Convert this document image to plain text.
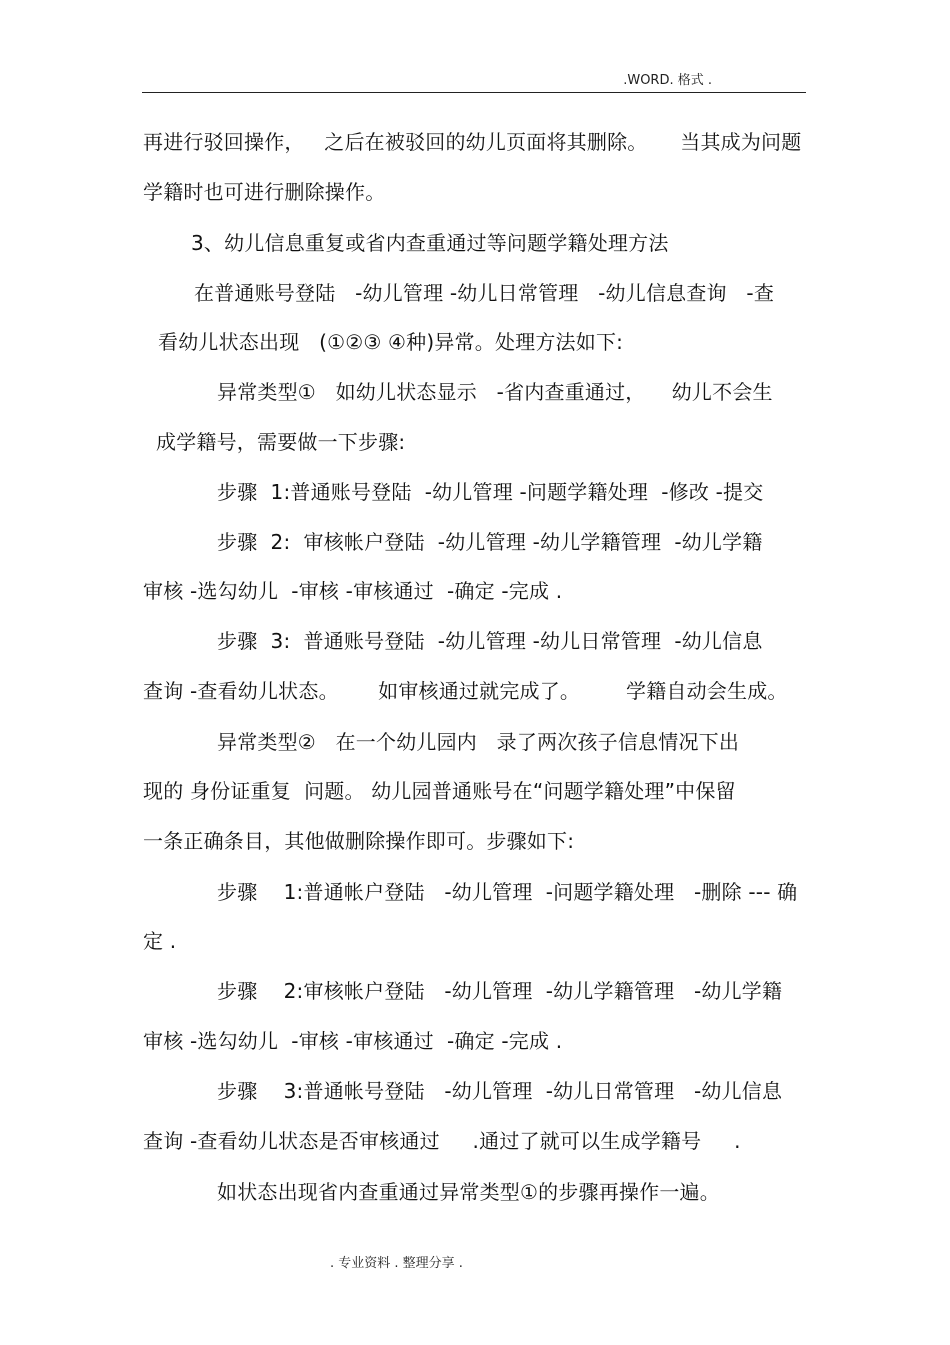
.WORD. 格式 .
再进行驳回操作，   之后在被驳回的幼儿页面将其删除。     当其成为问题
学籍时也可进行删除操作。
3、幼儿信息重复或省内查重通过等问题学籍处理方法
在普通账号登陆   -幼儿管理 -幼儿日常管理   -幼儿信息查询   -查
看幼儿状态出现   (①②③ ④种)异常。处理方法如下:
异常类型①   如幼儿状态显示   -省内查重通过，    幼儿不会生
成学籍号，需要做一下步骤:
步骤  1:普通账号登陆  -幼儿管理 -问题学籍处理  -修改 -提交
步骤  2:  审核帐户登陆  -幼儿管理 -幼儿学籍管理  -幼儿学籍
审核 -选勾幼儿  -审核 -审核通过  -确定 -完成 .
步骤  3:  普通账号登陆  -幼儿管理 -幼儿日常管理  -幼儿信息
查询 -查看幼儿状态。      如审核通过就完成了。       学籍自动会生成。
异常类型②   在一个幼儿园内   录了两次孩子信息情况下出
现的 身份证重复  问题。 幼儿园普通账号在“问题学籍处理”中保留
一条正确条目，其他做删除操作即可。步骤如下:
步骤    1:普通帐户登陆   -幼儿管理  -问题学籍处理   -删除 --- 确
定 .
步骤    2:审核帐户登陆   -幼儿管理  -幼儿学籍管理   -幼儿学籍
审核 -选勾幼儿  -审核 -审核通过  -确定 -完成 .
步骤    3:普通帐号登陆   -幼儿管理  -幼儿日常管理   -幼儿信息
查询 -查看幼儿状态是否审核通过     .通过了就可以生成学籍号     .
如状态出现省内查重通过异常类型①的步骤再操作一遍。
. 专业资料 . 整理分享 .
